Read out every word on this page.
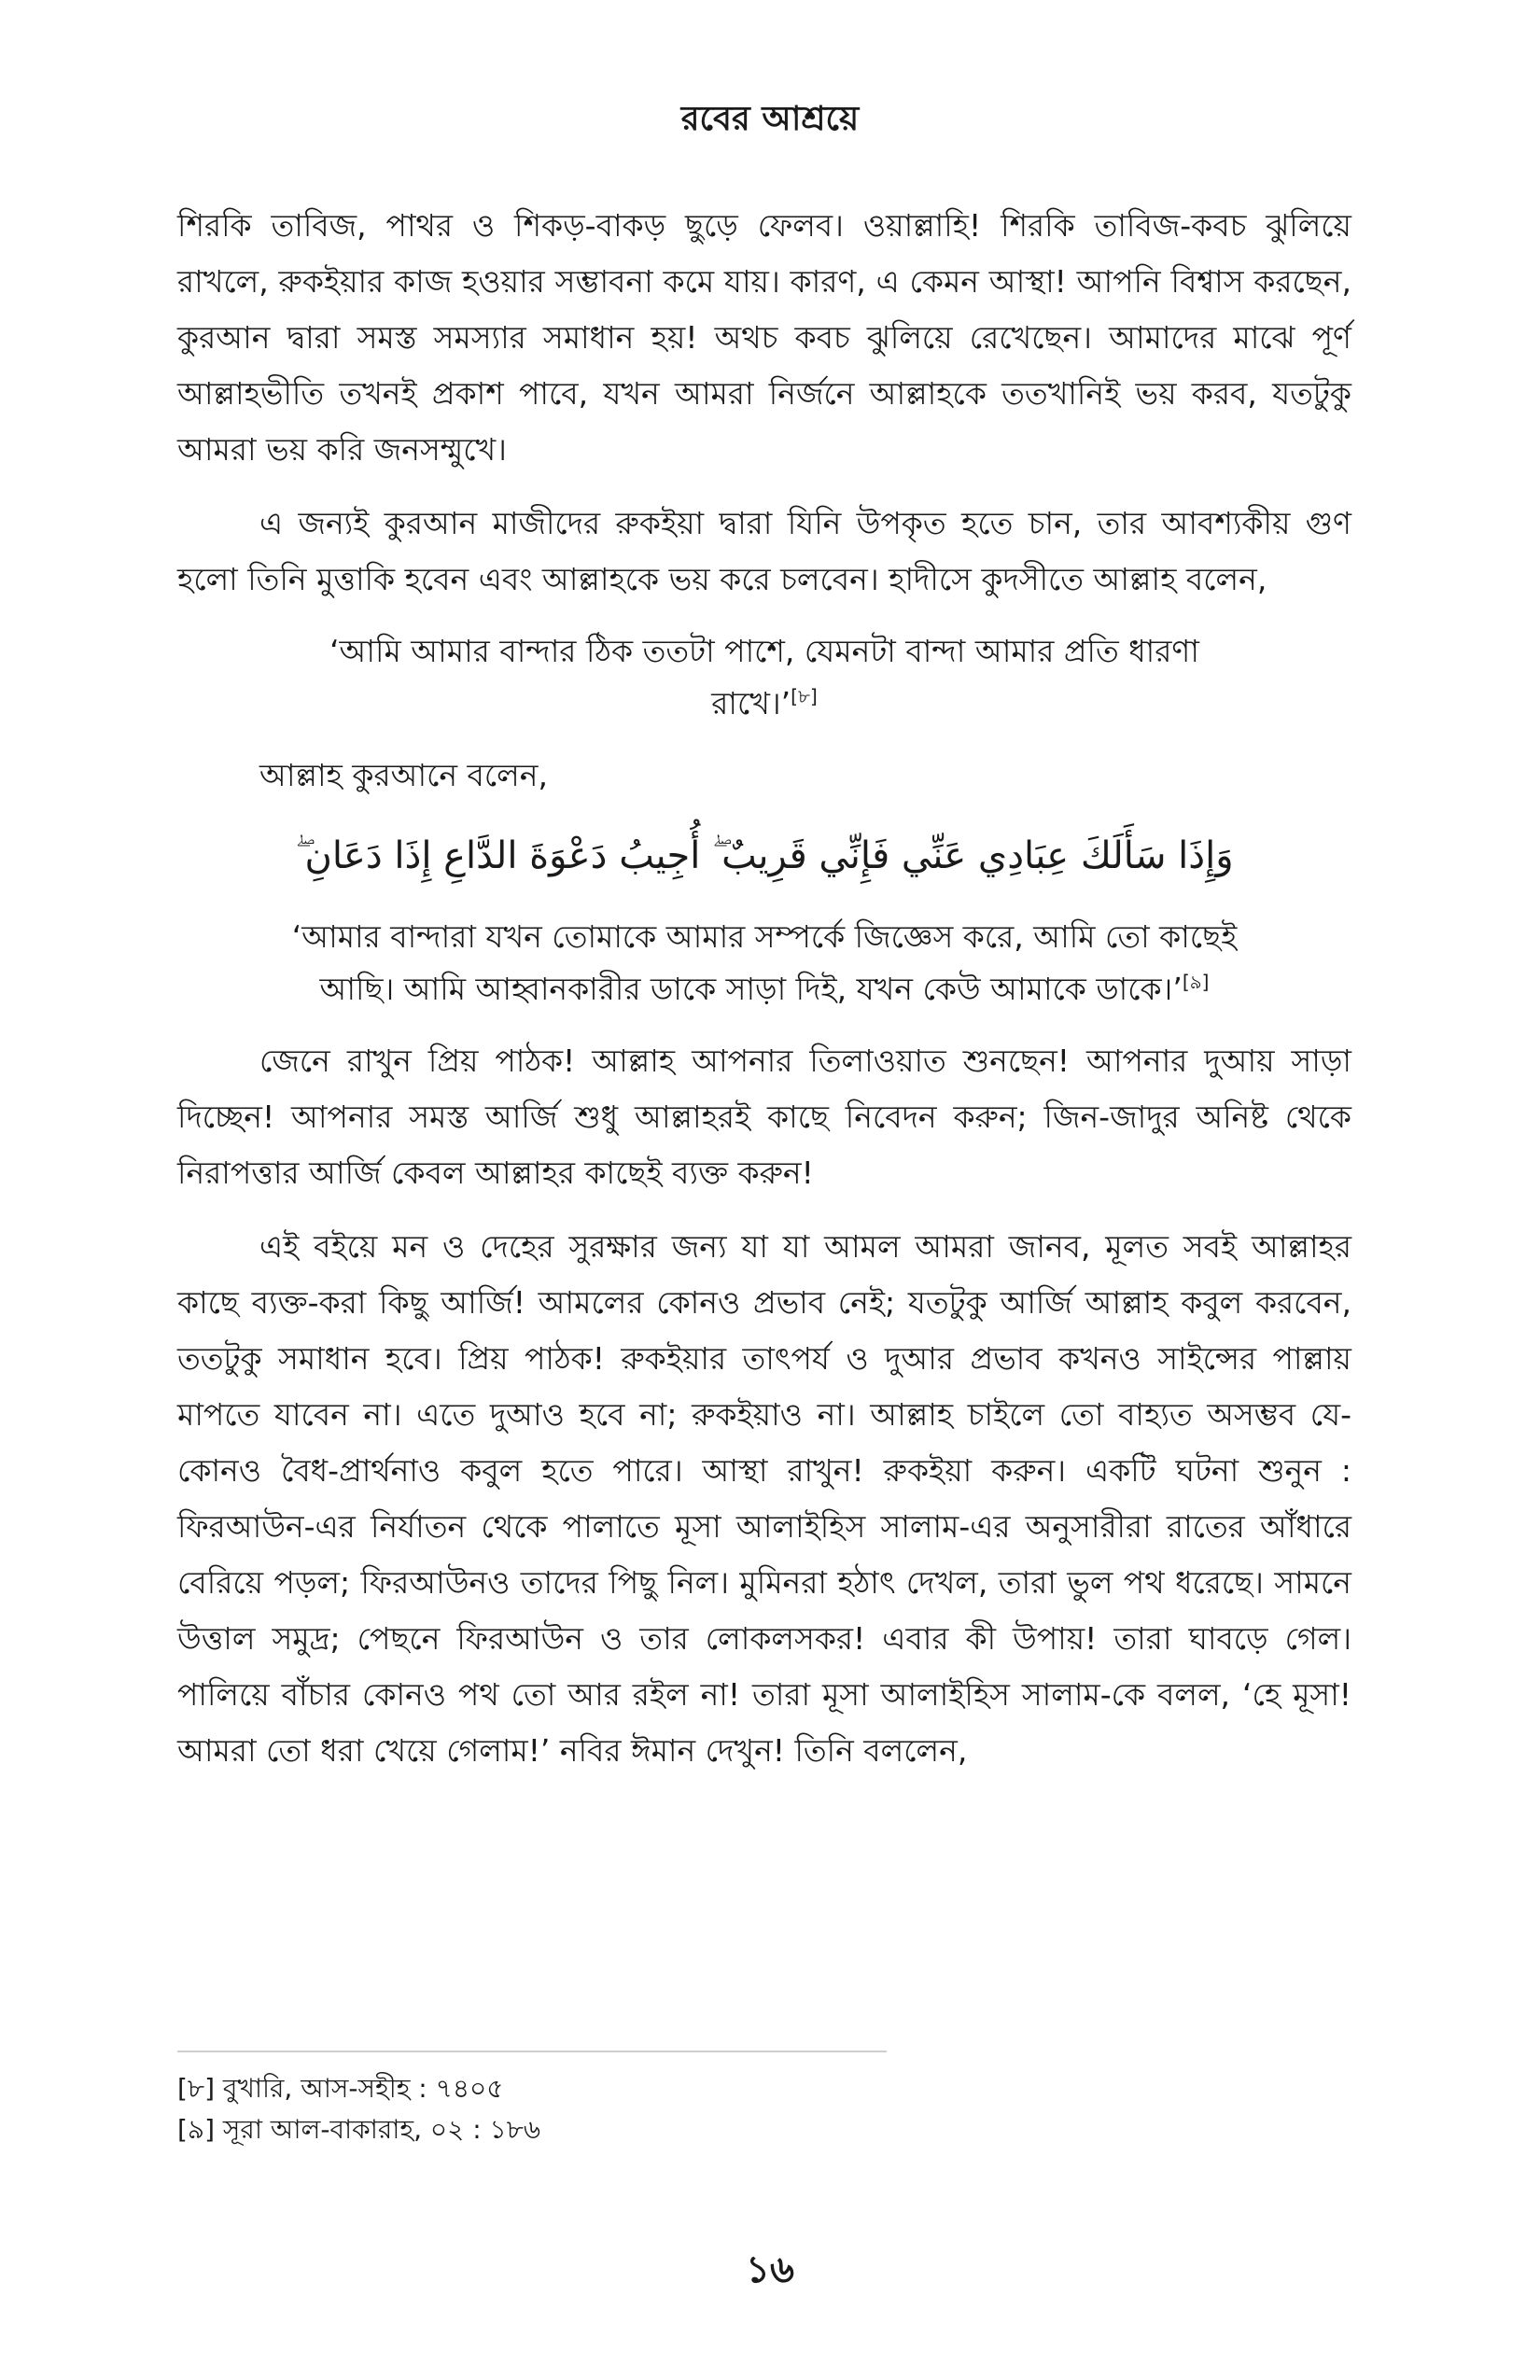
রবের আশ্রয়ে

শিরকি তাবিজ, পাথর ও শিকড়-বাকড় ছুড়ে ফেলব। ওয়াল্লাহি! শিরকি তাবিজ-কবচ ঝুলিয়ে রাখলে, রুকইয়ার কাজ হওয়ার সম্ভাবনা কমে যায়। কারণ, এ কেমন আস্থা! আপনি বিশ্বাস করছেন, কুরআন দ্বারা সমস্ত সমস্যার সমাধান হয়! অথচ কবচ ঝুলিয়ে রেখেছেন। আমাদের মাঝে পূর্ণ আল্লাহভীতি তখনই প্রকাশ পাবে, যখন আমরা নির্জনে আল্লাহকে ততখানিই ভয় করব, যতটুকু আমরা ভয় করি জনসম্মুখে।

এ জন্যই কুরআন মাজীদের রুকইয়া দ্বারা যিনি উপকৃত হতে চান, তার আবশ্যকীয় গুণ হলো তিনি মুত্তাকি হবেন এবং আল্লাহকে ভয় করে চলবেন। হাদীসে কুদসীতে আল্লাহ বলেন,

‘আমি আমার বান্দার ঠিক ততটা পাশে, যেমনটা বান্দা আমার প্রতি ধারণা রাখে।’[৮]

আল্লাহ কুরআনে বলেন,

وَإِذَا سَأَلَكَ عِبَادِي عَنِّي فَإِنِّي قَرِيبٌ ۖ أُجِيبُ دَعْوَةَ الدَّاعِ إِذَا دَعَانِ ۖ

‘আমার বান্দারা যখন তোমাকে আমার সম্পর্কে জিজ্ঞেস করে, আমি তো কাছেই আছি। আমি আহ্বানকারীর ডাকে সাড়া দিই, যখন কেউ আমাকে ডাকে।’[৯]

জেনে রাখুন প্রিয় পাঠক! আল্লাহ আপনার তিলাওয়াত শুনছেন! আপনার দুআয় সাড়া দিচ্ছেন! আপনার সমস্ত আর্জি শুধু আল্লাহরই কাছে নিবেদন করুন; জিন-জাদুর অনিষ্ট থেকে নিরাপত্তার আর্জি কেবল আল্লাহর কাছেই ব্যক্ত করুন!

এই বইয়ে মন ও দেহের সুরক্ষার জন্য যা যা আমল আমরা জানব, মূলত সবই আল্লাহর কাছে ব্যক্ত-করা কিছু আর্জি! আমলের কোনও প্রভাব নেই; যতটুকু আর্জি আল্লাহ কবুল করবেন, ততটুকু সমাধান হবে। প্রিয় পাঠক! রুকইয়ার তাৎপর্য ও দুআর প্রভাব কখনও সাইন্সের পাল্লায় মাপতে যাবেন না। এতে দুআও হবে না; রুকইয়াও না। আল্লাহ চাইলে তো বাহ্যত অসম্ভব যে-কোনও বৈধ-প্রার্থনাও কবুল হতে পারে। আস্থা রাখুন! রুকইয়া করুন। একটি ঘটনা শুনুন : ফিরআউন-এর নির্যাতন থেকে পালাতে মূসা আলাইহিস সালাম-এর অনুসারীরা রাতের আঁধারে বেরিয়ে পড়ল; ফিরআউনও তাদের পিছু নিল। মুমিনরা হঠাৎ দেখল, তারা ভুল পথ ধরেছে। সামনে উত্তাল সমুদ্র; পেছনে ফিরআউন ও তার লোকলসকর! এবার কী উপায়! তারা ঘাবড়ে গেল। পালিয়ে বাঁচার কোনও পথ তো আর রইল না! তারা মূসা আলাইহিস সালাম-কে বলল, ‘হে মূসা! আমরা তো ধরা খেয়ে গেলাম!’ নবির ঈমান দেখুন! তিনি বললেন,

[৮] বুখারি, আস-সহীহ : ৭৪০৫

[৯] সূরা আল-বাকারাহ, ০২ : ১৮৬

১৬
